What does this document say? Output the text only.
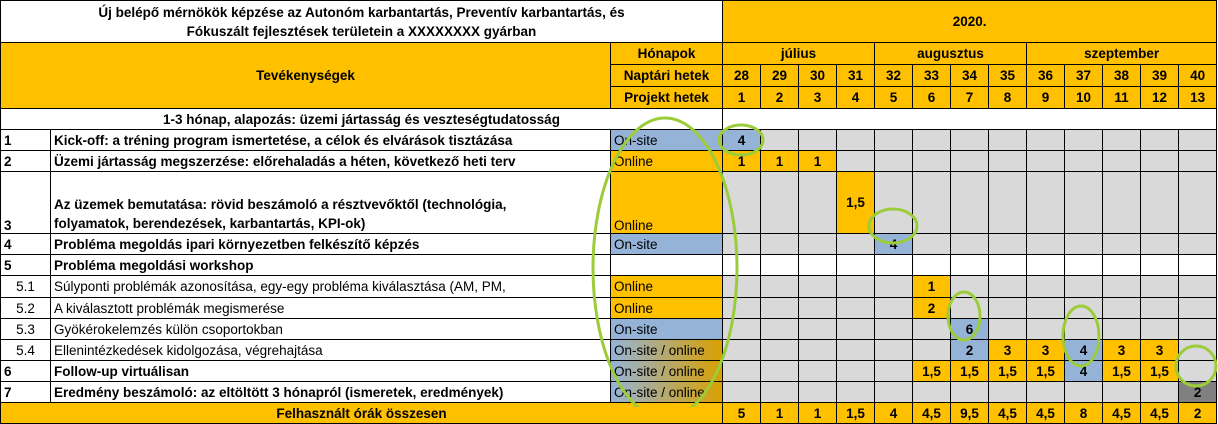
Új belépő mérnökök képzése az Autonóm karbantartás, Preventív karbantartás, és
Fókuszált fejlesztések területein a XXXXXXXX gyárban			2020.												
Tevékenységek		Hónapok	július				augusztus				szeptember				
		Naptári hetek	28	29	30	31	32	33	34	35	36	37	38	39	40
		Projekt hetek	1	2	3	4	5	6	7	8	9	10	11	12	13
1-3 hónap, alapozás: üzemi jártasság és veszteségtudatosság															
1	Kick-off: a tréning program ismertetése, a célok és elvárások tisztázása	On-site	4												
2	Üzemi jártasság megszerzése: előrehaladás a héten, következő heti terv	Online	1	1	1										
3	Az üzemek bemutatása: rövid beszámoló a résztvevőktől (technológia,
folyamatok, berendezések, karbantartás, KPI-ok)	Online				1,5									
4	Probléma megoldás ipari környezetben felkészítő képzés	On-site					4								
5	Probléma megoldási workshop														
5.1	Súlyponti problémák azonosítása, egy-egy probléma kiválasztása (AM, PM,	Online						1							
5.2	A kiválasztott problémák megismerése	Online						2							
5.3	Gyökérokelemzés külön csoportokban	On-site							6						
5.4	Ellenintézkedések kidolgozása, végrehajtása	On-site / online							2	3	3	4	3	3	
6	Follow-up virtuálisan	On-site / online						1,5	1,5	1,5	1,5	4	1,5	1,5	
7	Eredmény beszámoló: az eltöltött 3 hónapról (ismeretek, eredmények)	On-site / online													2
Felhasznált órák összesen			5	1	1	1,5	4	4,5	9,5	4,5	4,5	8	4,5	4,5	2
